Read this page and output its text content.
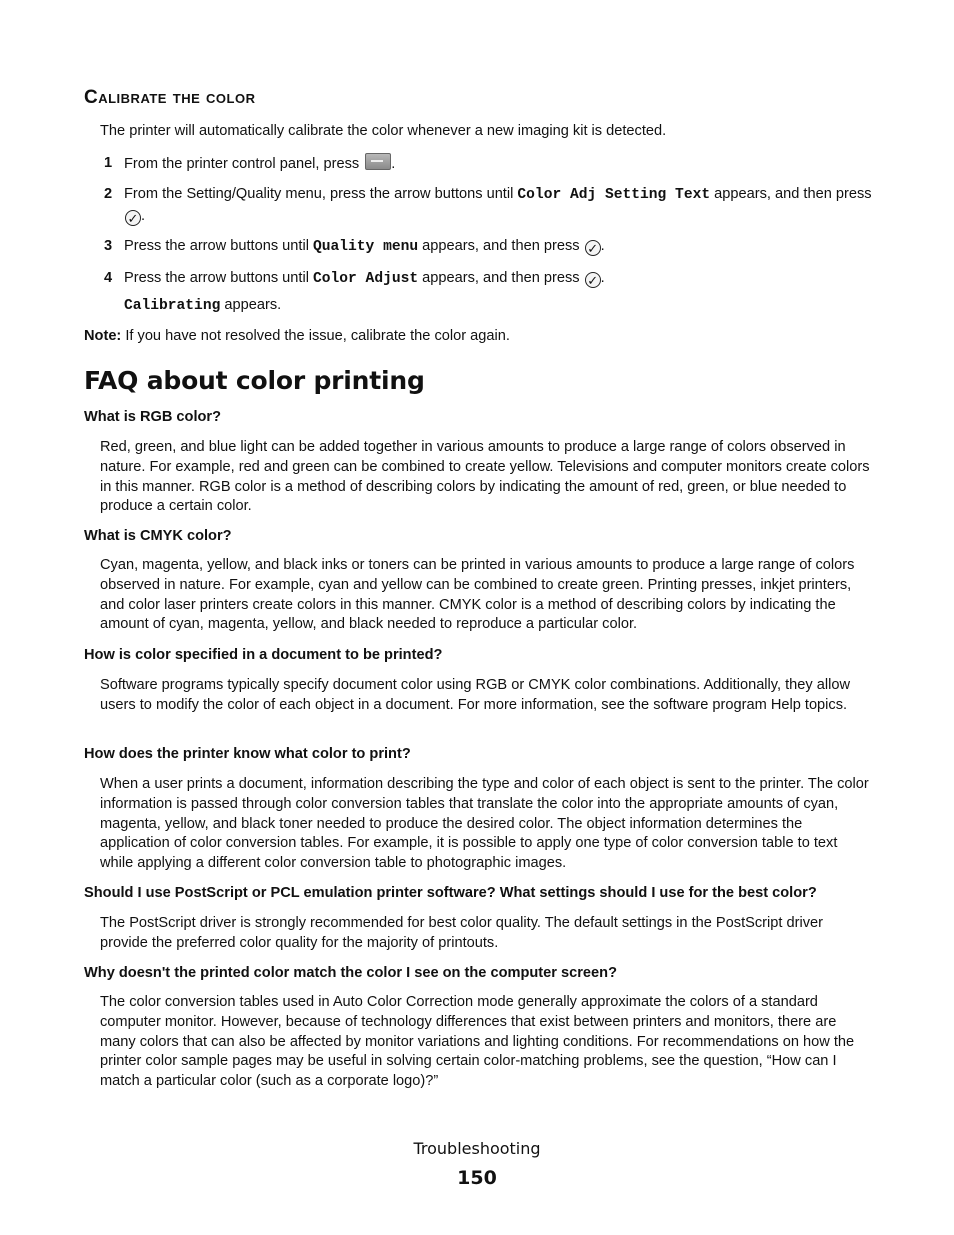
Calibrate the color
The printer will automatically calibrate the color whenever a new imaging kit is detected.
1 From the printer control panel, press .
2 From the Setting/Quality menu, press the arrow buttons until Color Adj Setting Text appears, and then press ✓ .
3 Press the arrow buttons until Quality menu appears, and then press ✓ .
4 Press the arrow buttons until Color Adjust appears, and then press ✓ .
Calibrating appears.
Note: If you have not resolved the issue, calibrate the color again.
FAQ about color printing
What is RGB color?
Red, green, and blue light can be added together in various amounts to produce a large range of colors observed in nature. For example, red and green can be combined to create yellow. Televisions and computer monitors create colors in this manner. RGB color is a method of describing colors by indicating the amount of red, green, or blue needed to produce a certain color.
What is CMYK color?
Cyan, magenta, yellow, and black inks or toners can be printed in various amounts to produce a large range of colors observed in nature. For example, cyan and yellow can be combined to create green. Printing presses, inkjet printers, and color laser printers create colors in this manner. CMYK color is a method of describing colors by indicating the amount of cyan, magenta, yellow, and black needed to reproduce a particular color.
How is color specified in a document to be printed?
Software programs typically specify document color using RGB or CMYK color combinations. Additionally, they allow users to modify the color of each object in a document. For more information, see the software program Help topics.
How does the printer know what color to print?
When a user prints a document, information describing the type and color of each object is sent to the printer. The color information is passed through color conversion tables that translate the color into the appropriate amounts of cyan, magenta, yellow, and black toner needed to produce the desired color. The object information determines the application of color conversion tables. For example, it is possible to apply one type of color conversion table to text while applying a different color conversion table to photographic images.
Should I use PostScript or PCL emulation printer software? What settings should I use for the best color?
The PostScript driver is strongly recommended for best color quality. The default settings in the PostScript driver provide the preferred color quality for the majority of printouts.
Why doesn't the printed color match the color I see on the computer screen?
The color conversion tables used in Auto Color Correction mode generally approximate the colors of a standard computer monitor. However, because of technology differences that exist between printers and monitors, there are many colors that can also be affected by monitor variations and lighting conditions. For recommendations on how the printer color sample pages may be useful in solving certain color-matching problems, see the question, “How can I match a particular color (such as a corporate logo)?”
Troubleshooting
150
